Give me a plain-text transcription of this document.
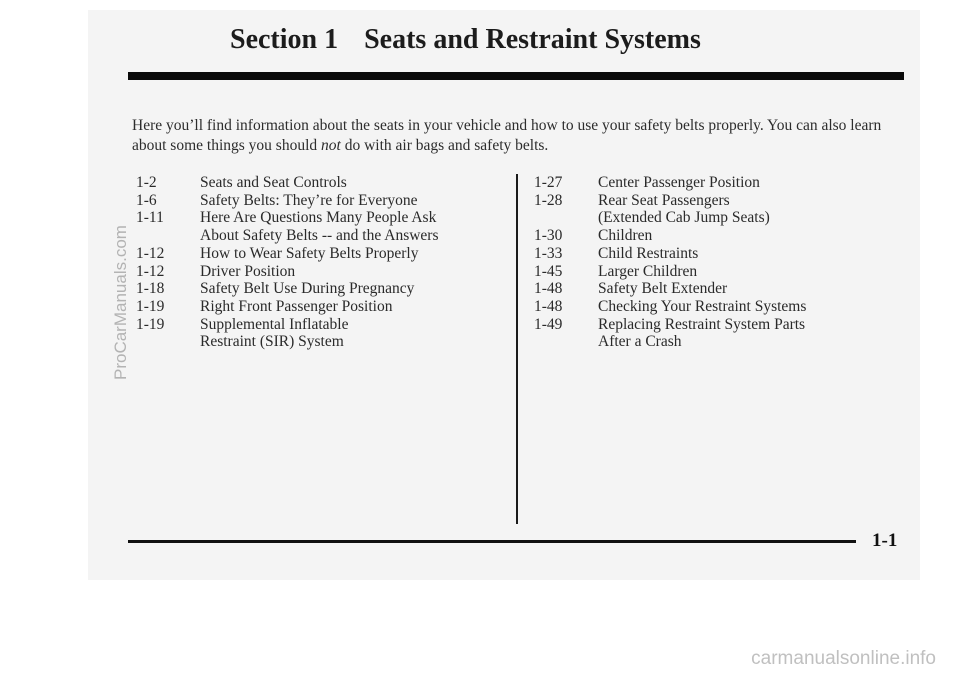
Section 1 Seats and Restraint Systems

Here you’ll find information about the seats in your vehicle and how to use your safety belts properly. You can also learn about some things you should not do with air bags and safety belts.

1-2	Seats and Seat Controls
1-6	Safety Belts: They’re for Everyone
1-11	Here Are Questions Many People Ask
About Safety Belts -- and the Answers
1-12	How to Wear Safety Belts Properly
1-12	Driver Position
1-18	Safety Belt Use During Pregnancy
1-19	Right Front Passenger Position
1-19	Supplemental Inflatable
Restraint (SIR) System
1-27	Center Passenger Position
1-28	Rear Seat Passengers
(Extended Cab Jump Seats)
1-30	Children
1-33	Child Restraints
1-45	Larger Children
1-48	Safety Belt Extender
1-48	Checking Your Restraint Systems
1-49	Replacing Restraint System Parts
After a Crash
1-1
ProCarManuals.com
carmanualsonline.info
